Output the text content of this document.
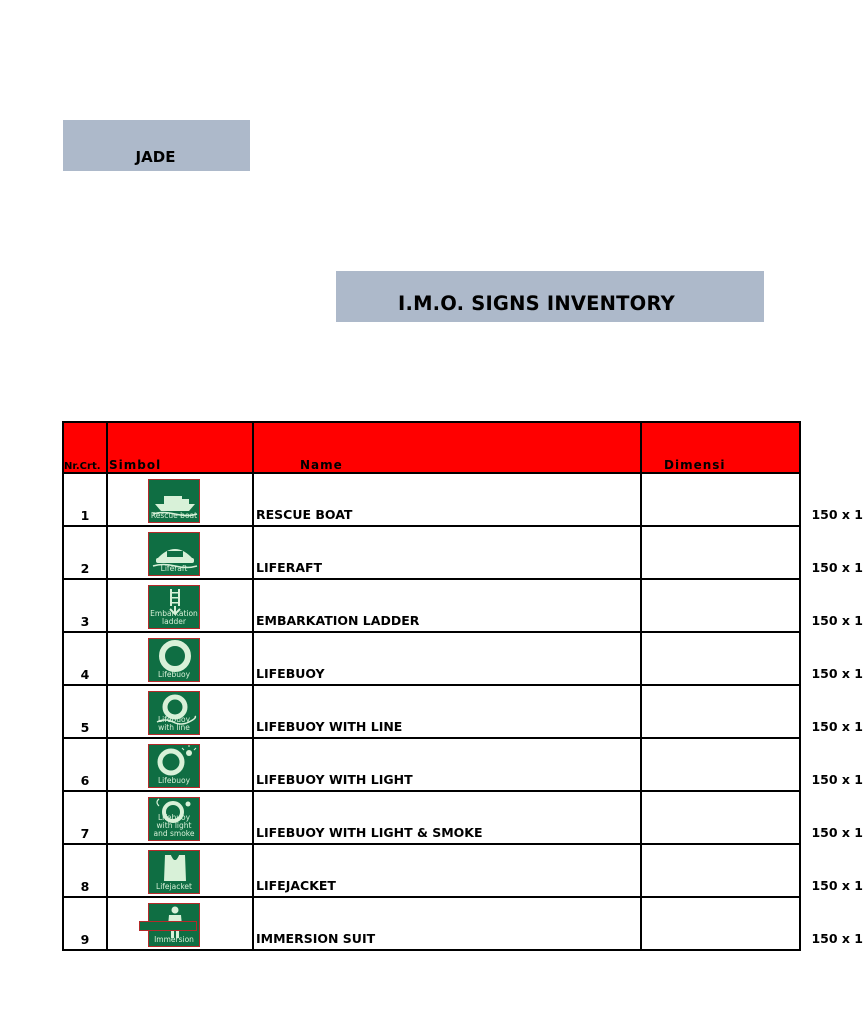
JADE
I.M.O. SIGNS INVENTORY
Nr.Crt.	Simbol	Name	Dimensi
1	Rescue boat	RESCUE BOAT	150 x 1
2	Liferaft	LIFERAFT	150 x 1
3	Embarkation ladder	EMBARKATION LADDER	150 x 1
4	Lifebuoy	LIFEBUOY	150 x 1
5	Lifebuoy with line	LIFEBUOY WITH LINE	150 x 1
6	Lifebuoy	LIFEBUOY WITH LIGHT	150 x 1
7	Lifebuoy with light and smoke	LIFEBUOY WITH LIGHT & SMOKE	150 x 1
8	Lifejacket	LIFEJACKET	150 x 1
9	Immersion	IMMERSION SUIT	150 x 1
